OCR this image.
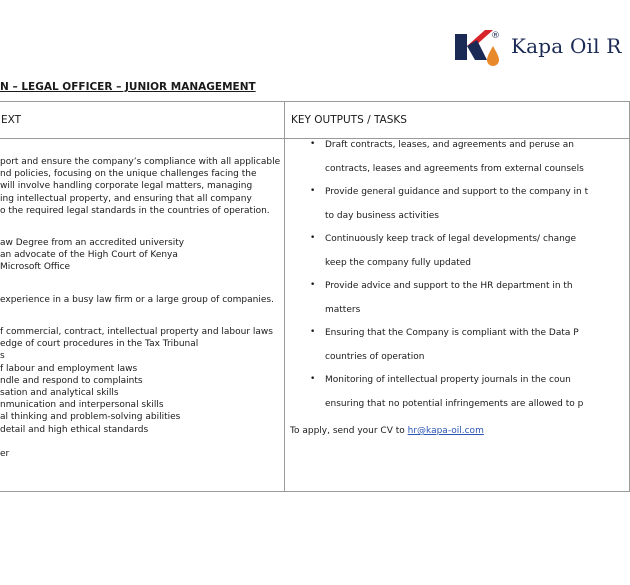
® Kapa Oil R
N – LEGAL OFFICER – JUNIOR MANAGEMENT
EXT	KEY OUTPUTS / TASKS
port and ensure the company’s compliance with all applicable
nd policies, focusing on the unique challenges facing the
will involve handling corporate legal matters, managing
ing intellectual property, and ensuring that all company
o the required legal standards in the countries of operation.
aw Degree from an accredited university
an advocate of the High Court of Kenya
Microsoft Office
experience in a busy law firm or a large group of companies.
f commercial, contract, intellectual property and labour laws
edge of court procedures in the Tax Tribunal
s
f labour and employment laws
ndle and respond to complaints
sation and analytical skills
nmunication and interpersonal skills
al thinking and problem-solving abilities
detail and high ethical standards
er
• Draft contracts, leases, and agreements and peruse an
contracts, leases and agreements from external counsels
• Provide general guidance and support to the company in t
to day business activities
• Continuously keep track of legal developments/ change
keep the company fully updated
• Provide advice and support to the HR department in th
matters
• Ensuring that the Company is compliant with the Data P
countries of operation
• Monitoring of intellectual property journals in the coun
ensuring that no potential infringements are allowed to p
To apply, send your CV to hr@kapa-oil.com
